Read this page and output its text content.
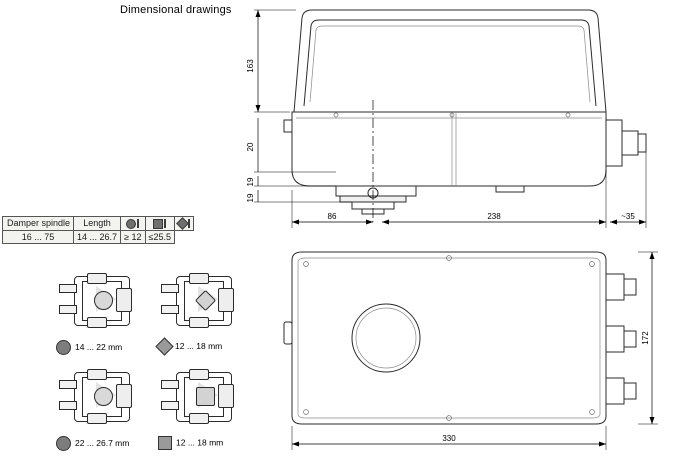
Dimensional drawings
Damper spindle	Length			
16 ... 75	14 ... 26.7	≥ 12	≤25.5	
14 ... 22 mm	12 ... 18 mm
22 ... 26.7 mm	12 ... 18 mm
163
20
19
19
86	238	~35
330
172
